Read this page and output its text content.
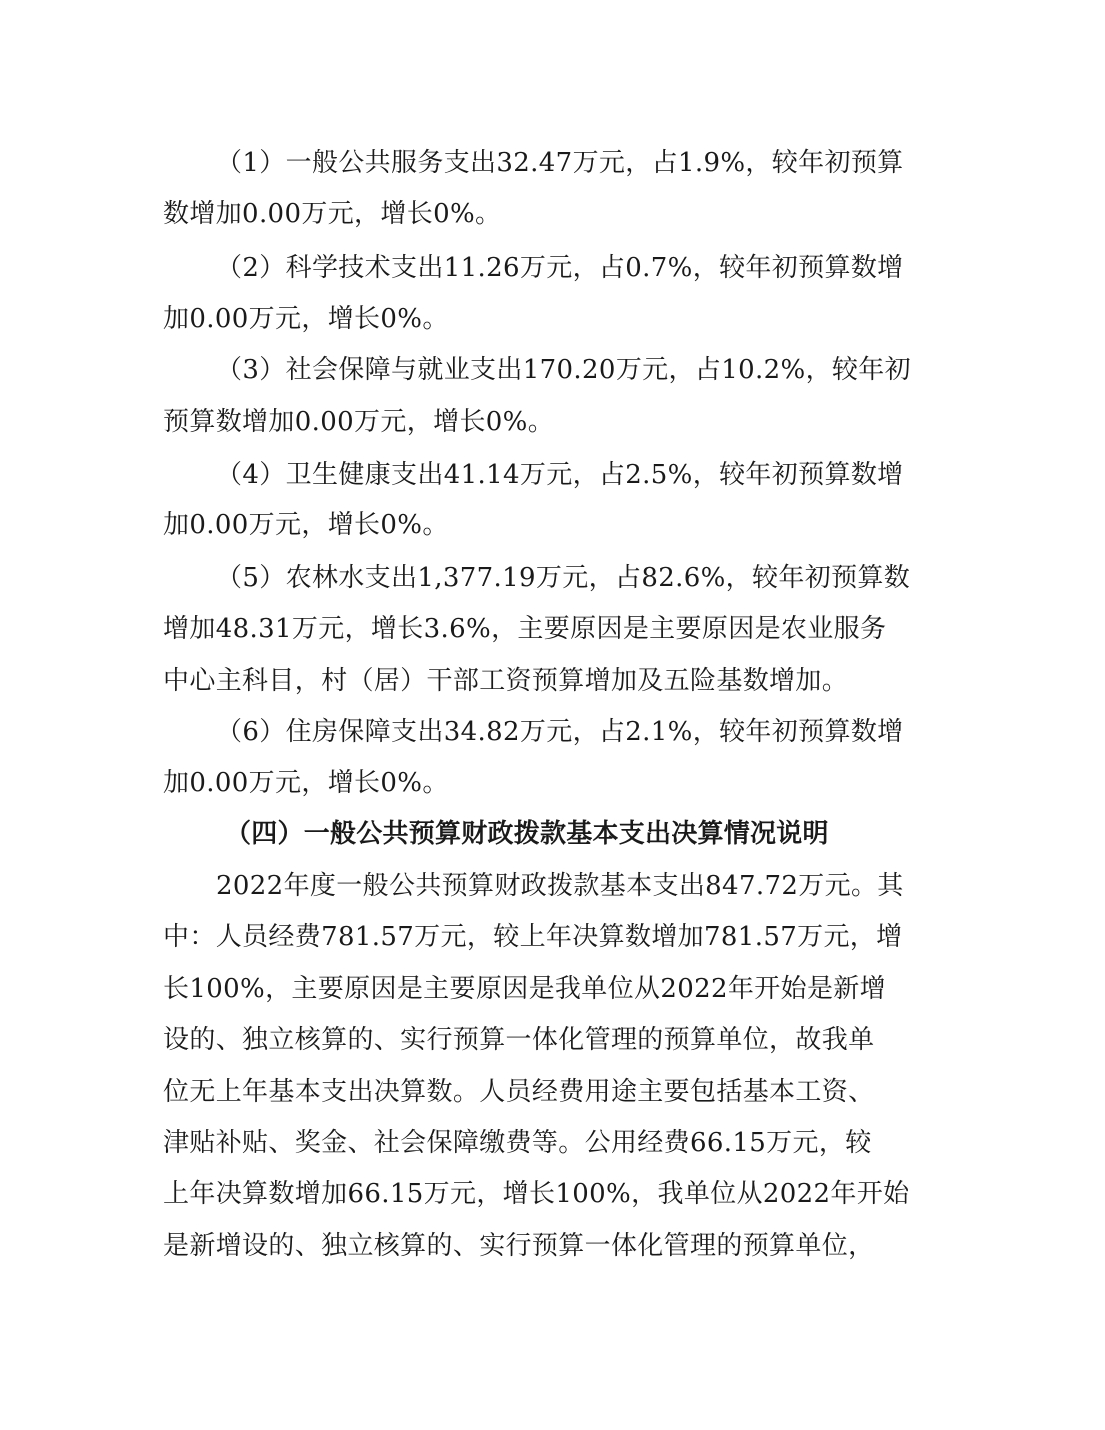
（1）一般公共服务支出32.47万元，占1.9%，较年初预算
数增加0.00万元，增长0%。
（2）科学技术支出11.26万元，占0.7%，较年初预算数增
加0.00万元，增长0%。
（3）社会保障与就业支出170.20万元，占10.2%，较年初
预算数增加0.00万元，增长0%。
（4）卫生健康支出41.14万元，占2.5%，较年初预算数增
加0.00万元，增长0%。
（5）农林水支出1,377.19万元，占82.6%，较年初预算数
增加48.31万元，增长3.6%，主要原因是主要原因是农业服务
中心主科目，村（居）干部工资预算增加及五险基数增加。
（6）住房保障支出34.82万元，占2.1%，较年初预算数增
加0.00万元，增长0%。
（四）一般公共预算财政拨款基本支出决算情况说明
2022年度一般公共预算财政拨款基本支出847.72万元。其
中：人员经费781.57万元，较上年决算数增加781.57万元，增
长100%，主要原因是主要原因是我单位从2022年开始是新增
设的、独立核算的、实行预算一体化管理的预算单位，故我单
位无上年基本支出决算数。人员经费用途主要包括基本工资、
津贴补贴、奖金、社会保障缴费等。公用经费66.15万元，较
上年决算数增加66.15万元，增长100%，我单位从2022年开始
是新增设的、独立核算的、实行预算一体化管理的预算单位，
